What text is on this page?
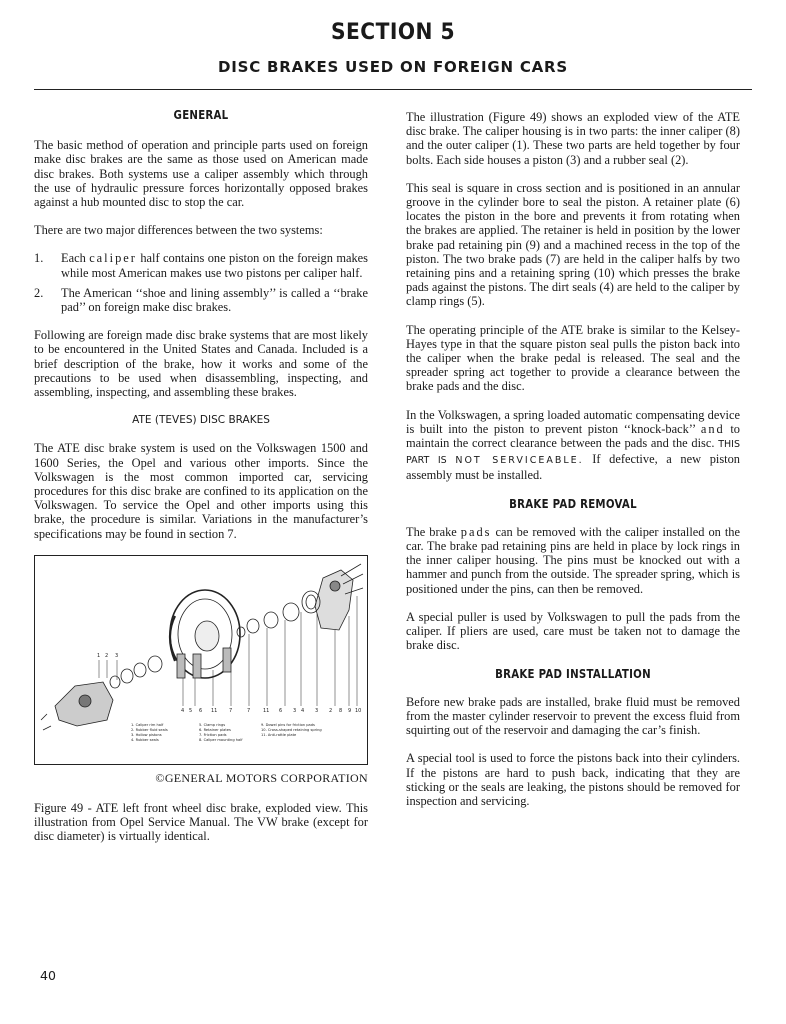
SECTION 5
DISC BRAKES USED ON FOREIGN CARS
GENERAL

The basic method of operation and principle parts used on foreign make disc brakes are the same as those used on American made disc brakes. Both systems use a caliper assembly which through the use of hydraulic pressure forces horizontally opposed brakes against a hub mounted disc to stop the car.

There are two major differences between the two systems:

1.	Each caliper half contains one piston on the foreign makes while most American makes use two pistons per caliper half.
2.	The American ‘‘shoe and lining assembly’’ is called a ‘‘brake pad’’ on foreign make disc brakes.

Following are foreign made disc brake systems that are most likely to be encountered in the United States and Canada. Included is a brief description of the brake, how it works and some of the precautions to be used when disassembling, inspecting, and assembling, inspecting, and assembling these brakes.

ATE (TEVES) DISC BRAKES

The ATE disc brake system is used on the Volkswagen 1500 and 1600 Series, the Opel and various other imports. Since the Volkswagen is the most common imported car, servicing procedures for this disc brake are confined to its application on the Volkswagen. To service the Opel and other imports using this brake, the procedure is similar. Variations in the manufacturer’s specifications may be found in section 7.

1 2 3
4 5 6 11 7	7	11 6 3 4 3 2 8 9 10
1. Caliper rim half
2. Rubber fluid seals
3. Hollow pistons
4. Rubber seals
5. Clamp rings
6. Retainer plates
7. Friction pads
8. Caliper mounting half
9. Dowel pins for friction pads
10. Cross-shaped retaining spring
11. Anti-rattle plate
©GENERAL MOTORS CORPORATION

Figure 49 - ATE left front wheel disc brake, exploded view. This illustration from Opel Service Manual. The VW brake (except for disc diameter) is virtually identical.

40

The illustration (Figure 49) shows an exploded view of the ATE disc brake. The caliper housing is in two parts: the inner caliper (8) and the outer caliper (1). These two parts are held together by four bolts. Each side houses a piston (3) and a rubber seal (2).

This seal is square in cross section and is positioned in an annular groove in the cylinder bore to seal the piston. A retainer plate (6) locates the piston in the bore and prevents it from rotating when the brakes are applied. The retainer is held in position by the lower brake pad retaining pin (9) and a machined recess in the top of the piston. The two brake pads (7) are held in the caliper halfs by two retaining pins and a retaining spring (10) which presses the brake pads against the pistons. The dirt seals (4) are held to the caliper by clamp rings (5).

The operating principle of the ATE brake is similar to the Kelsey-Hayes type in that the square piston seal pulls the piston back into the caliper when the brake pedal is released. The seal and the spreader spring act together to provide a clearance between the brake pads and the disc.

In the Volkswagen, a spring loaded automatic compensating device is built into the piston to prevent piston ‘‘knock-back’’ and to maintain the correct clearance between the pads and the disc. THIS PART IS NOT SERVICEABLE. If defective, a new piston assembly must be installed.

BRAKE PAD REMOVAL

The brake pads can be removed with the caliper installed on the car. The brake pad retaining pins are held in place by lock rings in the inner caliper housing. The pins must be knocked out with a hammer and punch from the outside. The spreader spring, which is positioned under the pins, can then be removed.

A special puller is used by Volkswagen to pull the pads from the caliper. If pliers are used, care must be taken not to damage the brake disc.

BRAKE PAD INSTALLATION

Before new brake pads are installed, brake fluid must be removed from the master cylinder reservoir to prevent the excess fluid from squirting out of the reservoir and damaging the car’s finish.

A special tool is used to force the pistons back into their cylinders. If the pistons are hard to push back, indicating that they are sticking or the seals are leaking, the pistons should be removed for inspection and servicing.
